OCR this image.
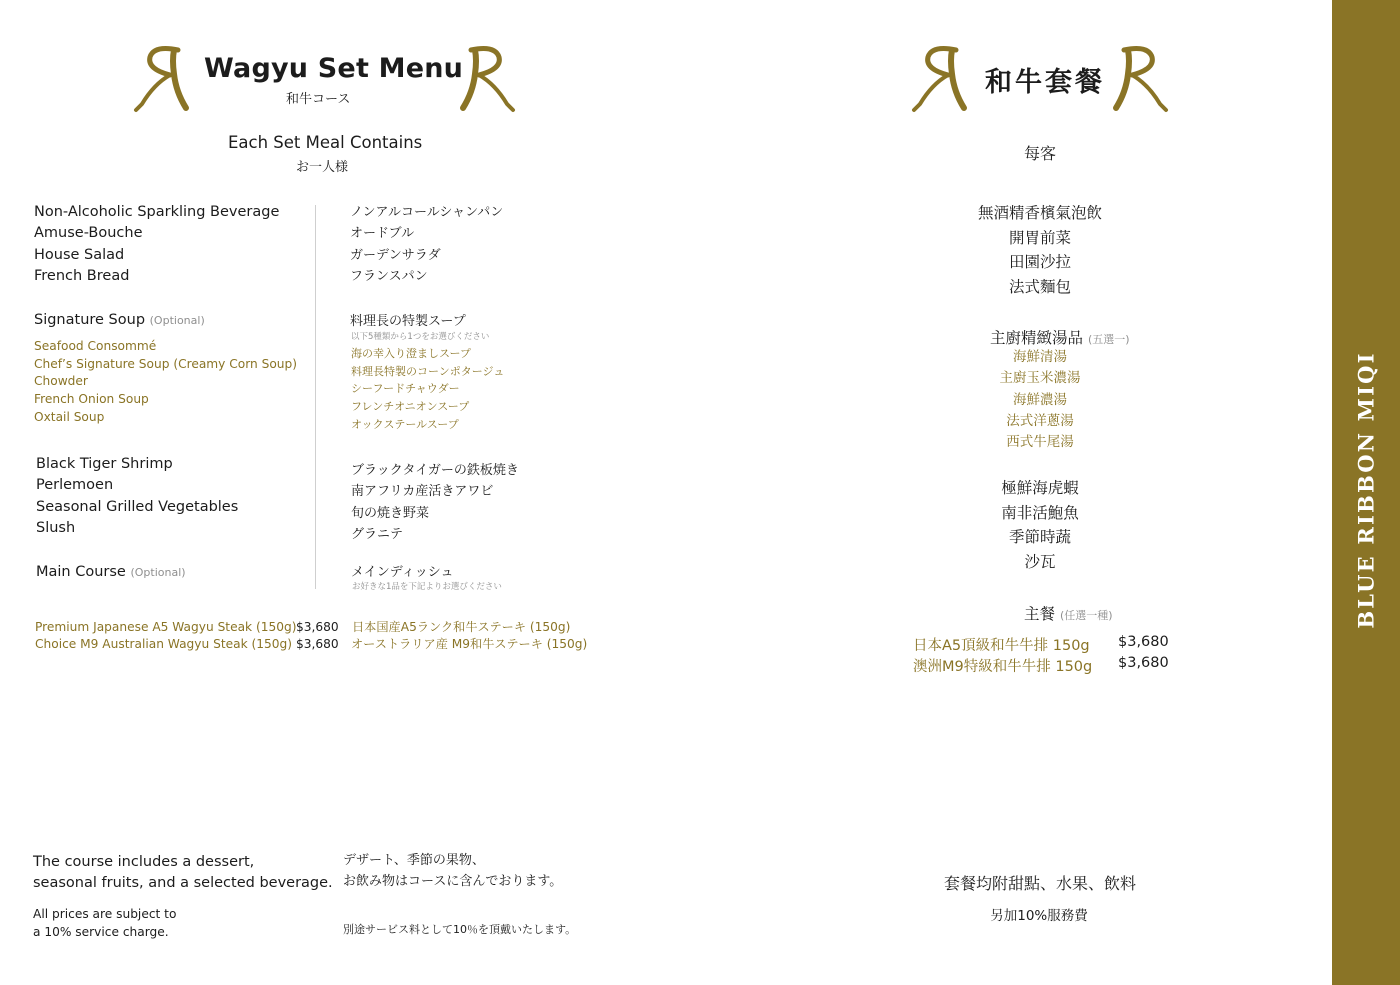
Wagyu Set Menu
和牛コース
Each Set Meal Contains
お一人様
Non-Alcoholic Sparkling Beverage
Amuse-Bouche
House Salad
French Bread
ノンアルコールシャンパン
オードブル
ガーデンサラダ
フランスパン
Signature Soup (Optional)	料理長の特製スープ
以下5種類から1つをお選びください
Seafood Consommé
Chef’s Signature Soup (Creamy Corn Soup)
Chowder
French Onion Soup
Oxtail Soup
海の幸入り澄ましスープ
料理長特製のコーンポタージュ
シーフードチャウダー
フレンチオニオンスープ
オックステールスープ
Black Tiger Shrimp
Perlemoen
Seasonal Grilled Vegetables
Slush
ブラックタイガーの鉄板焼き
南アフリカ産活きアワビ
旬の焼き野菜
グラニテ
Main Course (Optional)	メインディッシュ
お好きな1品を下記よりお選びください
Premium Japanese A5 Wagyu Steak (150g) $3,680 日本国産A5ランク和牛ステーキ (150g)
Choice M9 Australian Wagyu Steak (150g) $3,680 オーストラリア産 M9和牛ステーキ (150g)
The course includes a dessert,
seasonal fruits, and a selected beverage.
デザート、季節の果物、
お飲み物はコースに含んでおります。
All prices are subject to
a 10% service charge.	別途サービス料として10％を頂戴いたします。
和牛套餐
每客
無酒精香檳氣泡飲
開胃前菜
田園沙拉
法式麵包
主廚精緻湯品 (五選一)
海鮮清湯
主廚玉米濃湯
海鮮濃湯
法式洋蔥湯
西式牛尾湯
極鮮海虎蝦
南非活鮑魚
季節時蔬
沙瓦
主餐 (任選一種)
日本A5頂級和牛牛排 150g $3,680
澳洲M9特級和牛牛排 150g $3,680
套餐均附甜點、水果、飲料
另加10%服務費
BLUE RIBBON MIQI
